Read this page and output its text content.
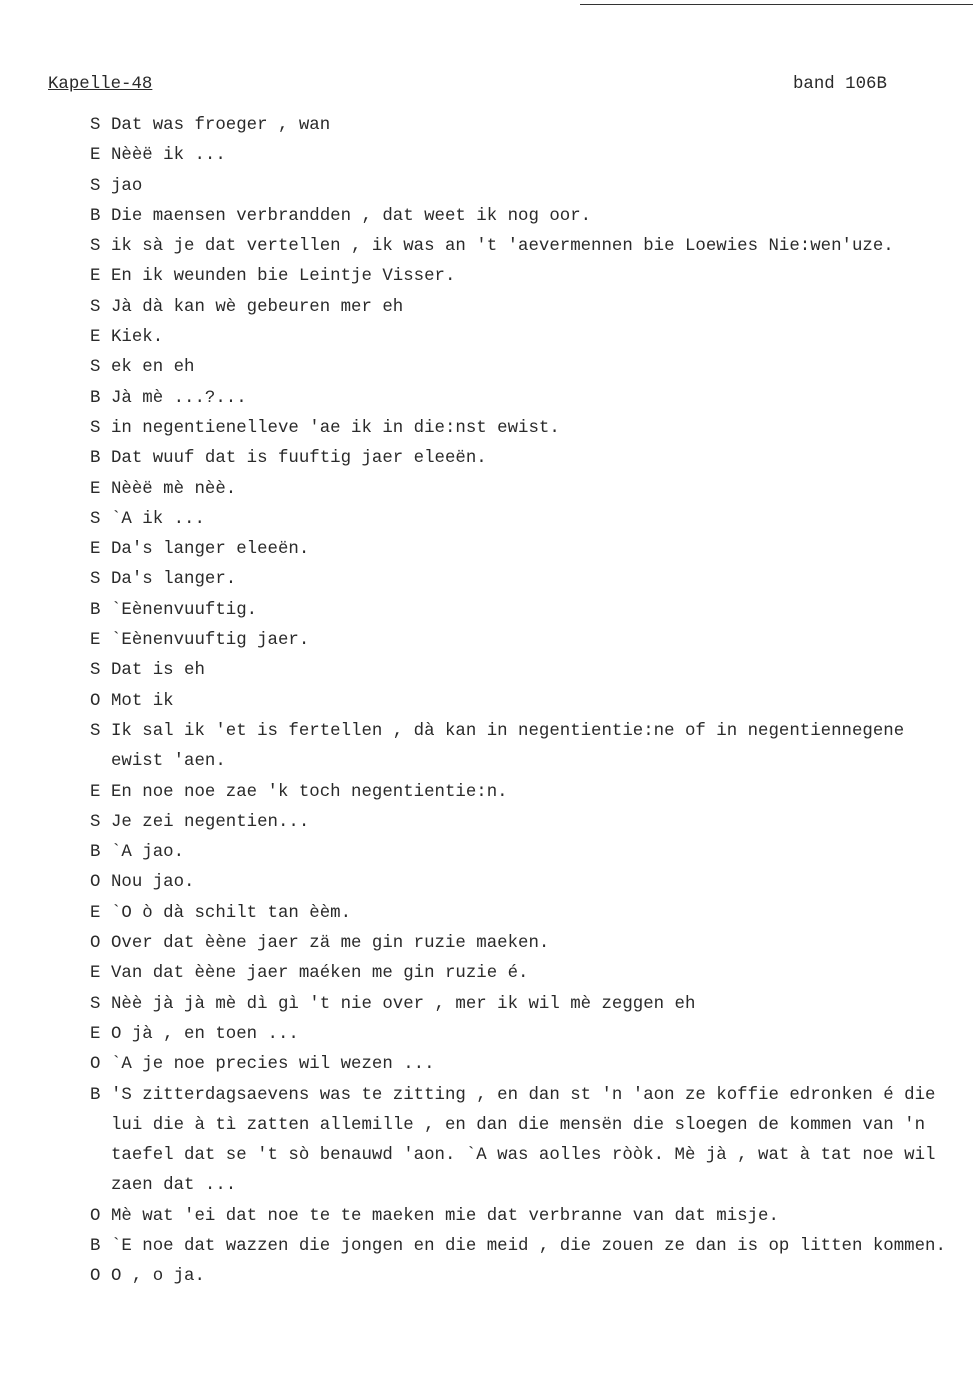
Kapelle-48	band 106B
S Dat was froeger , wan
E Nèèë ik ...
S jao
B Die maensen verbrandden , dat weet ik nog oor.
S ik sà je dat vertellen , ik was an 't 'aevermennen bie Loewies Nie:wen'uze.
E En ik weunden bie Leintje Visser.
S Jà dà kan wè gebeuren mer eh
E Kiek.
S ek en eh
B Jà mè ...?...
S in negentienelleve 'ae ik in die:nst ewist.
B Dat wuuf dat is fuuftig jaer eleeën.
E Nèèë mè nèè.
S `A ik ...
E Da's langer eleeën.
S Da's langer.
B `Eènenvuuftig.
E `Eènenvuuftig jaer.
S Dat is eh
O Mot ik
S Ik sal ik 'et is fertellen , dà kan in negentientie:ne of in negentiennegene
ewist 'aen.
E En noe noe zae 'k toch negentientie:n.
S Je zei negentien...
B `A jao.
O Nou jao.
E `O ò dà schilt tan èèm.
O Over dat èène jaer zä me gin ruzie maeken.
E Van dat èène jaer maéken me gin ruzie é.
S Nèè jà jà mè dì gì 't nie over , mer ik wil mè zeggen eh
E O jà , en toen ...
O `A je noe precies wil wezen ...
B 'S zitterdagsaevens was te zitting , en dan st 'n 'aon ze koffie edronken é die
lui die à tì zatten allemille , en dan die mensën die sloegen de kommen van 'n
taefel dat se 't sò benauwd 'aon. `A was aolles ròòk. Mè jà , wat à tat noe wil
zaen dat ...
O Mè wat 'ei dat noe te te maeken mie dat verbranne van dat misje.
B `E noe dat wazzen die jongen en die meid , die zouen ze dan is op litten kommen.
O O , o ja.
